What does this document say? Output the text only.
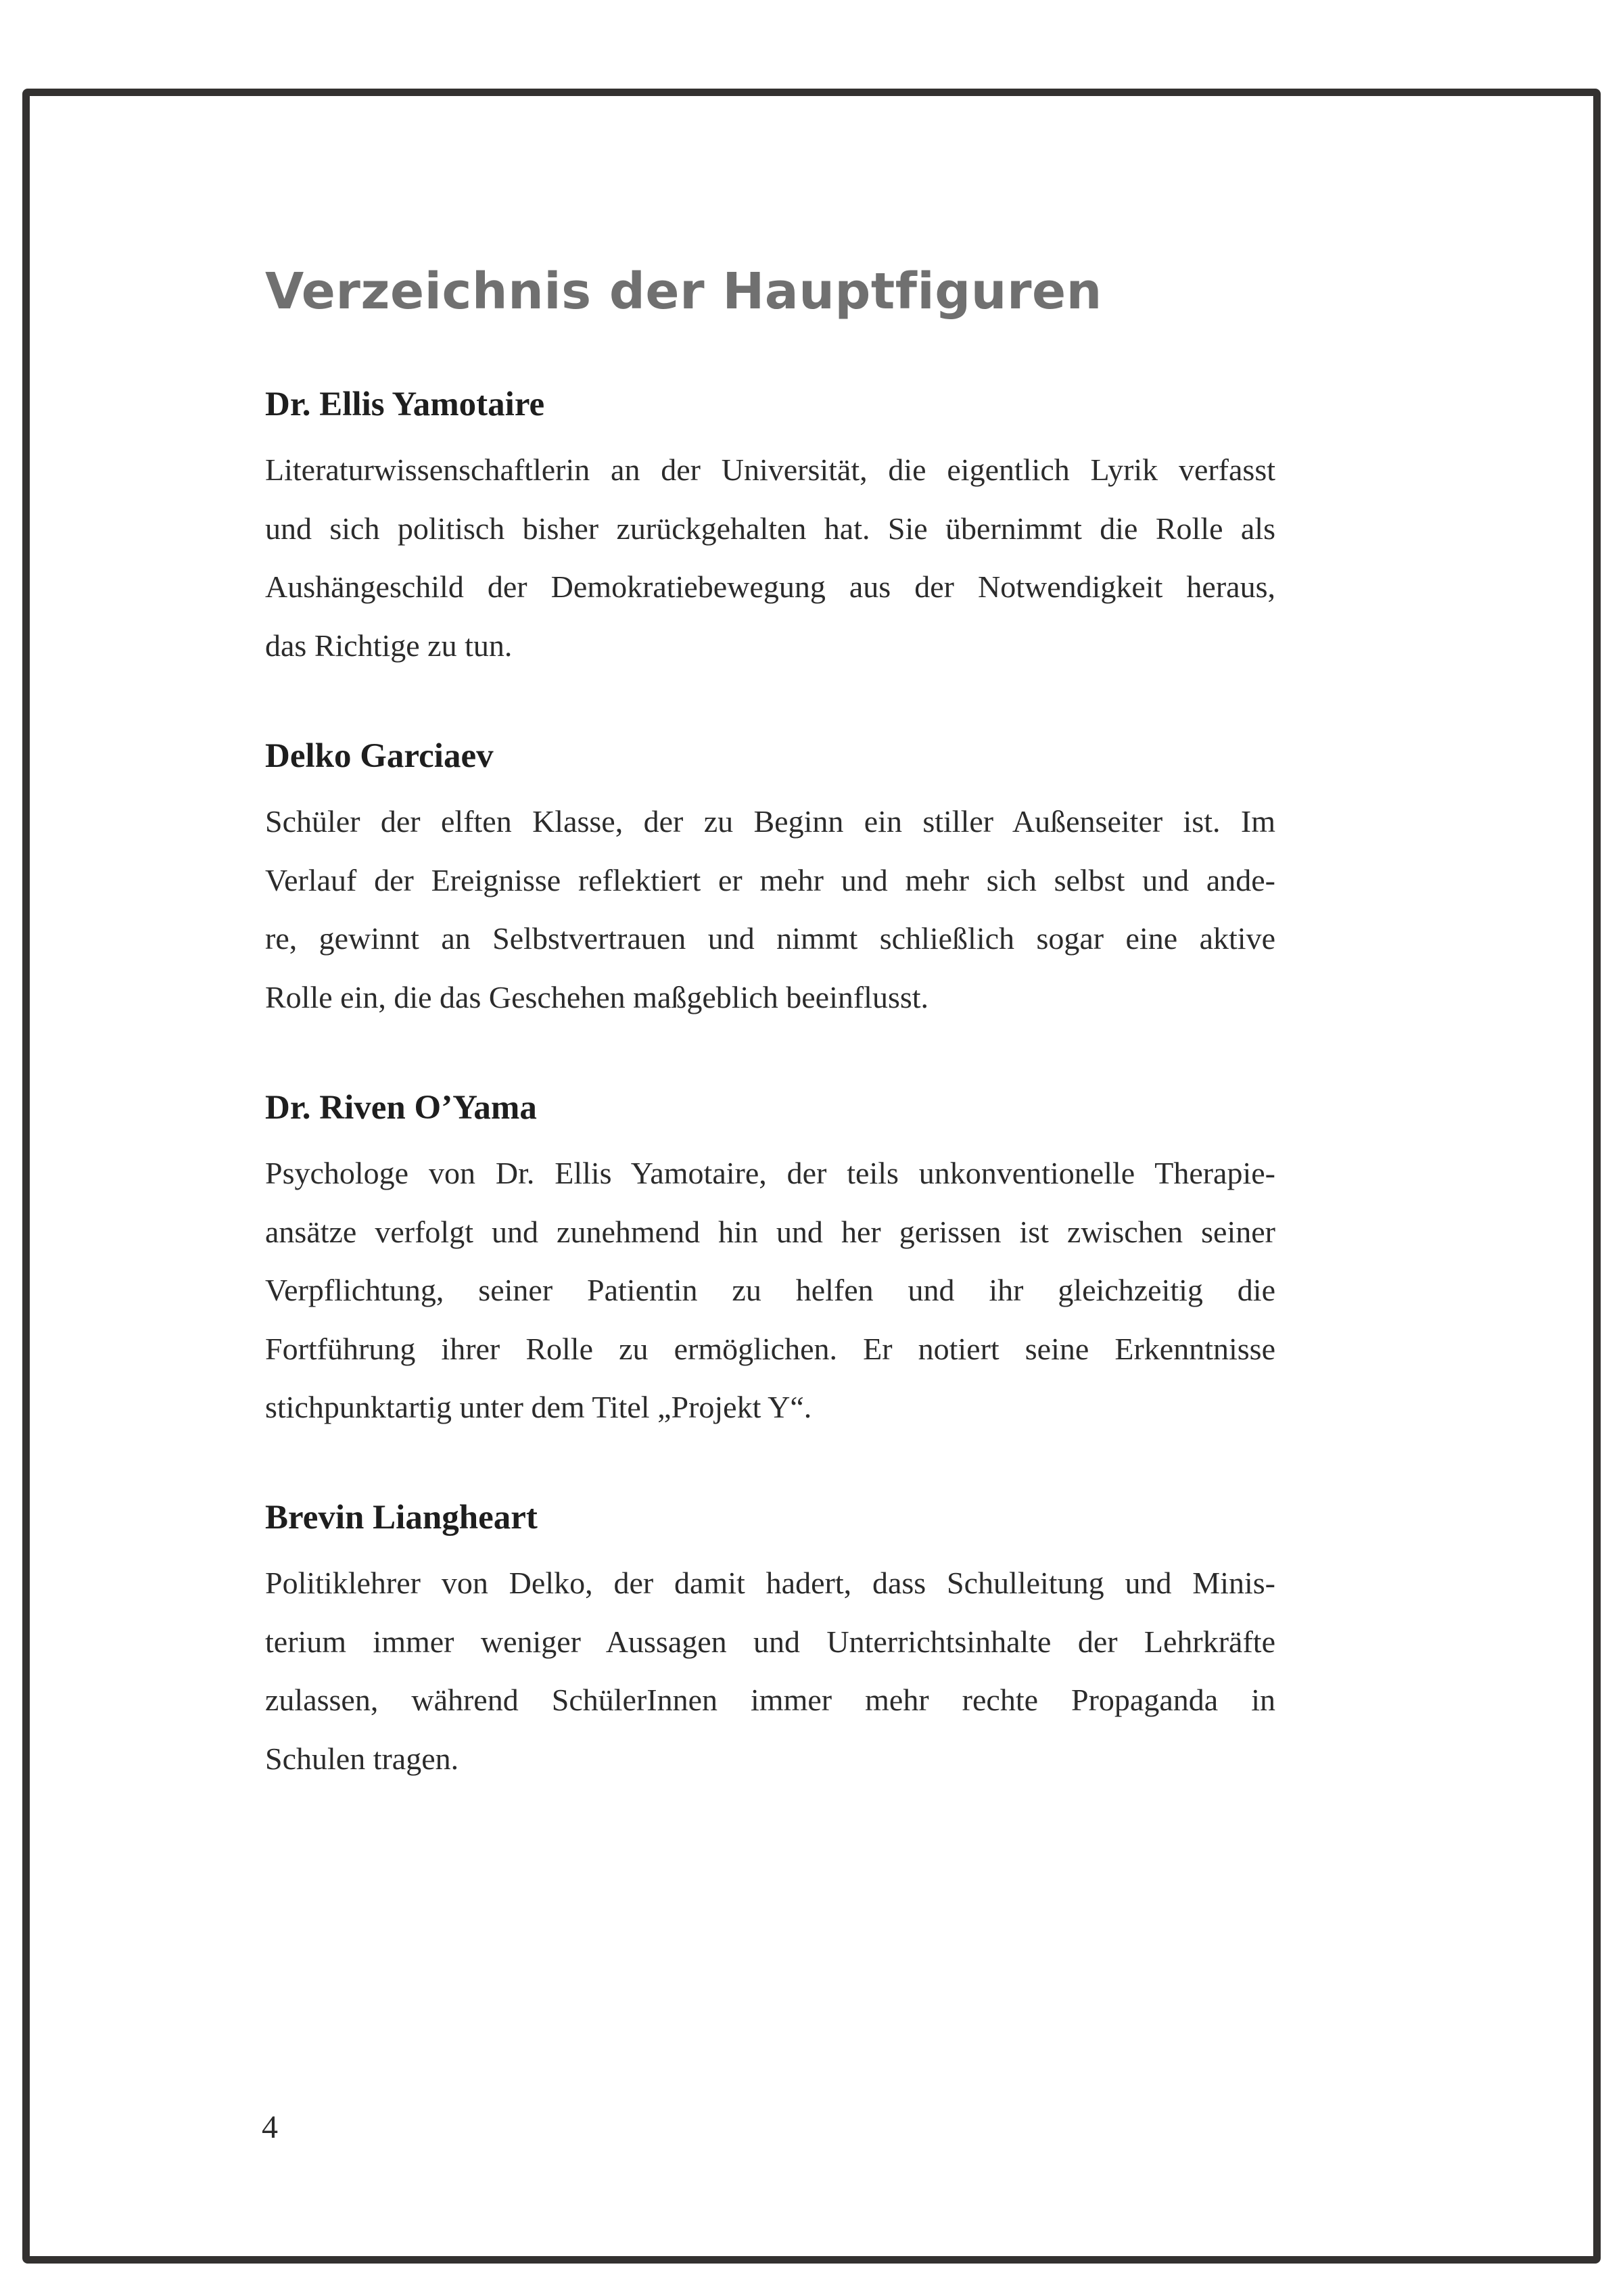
Verzeichnis der Hauptfiguren
Dr. Ellis Yamotaire
Literaturwissenschaftlerin an der Universität, die eigentlich Lyrik verfasst
und sich politisch bisher zurückgehalten hat. Sie übernimmt die Rolle als
Aushängeschild der Demokratiebewegung aus der Notwendigkeit heraus,
das Richtige zu tun.
Delko Garciaev
Schüler der elften Klasse, der zu Beginn ein stiller Außenseiter ist. Im
Verlauf der Ereignisse reflektiert er mehr und mehr sich selbst und ande-
re, gewinnt an Selbstvertrauen und nimmt schließlich sogar eine aktive
Rolle ein, die das Geschehen maßgeblich beeinflusst.
Dr. Riven O’Yama
Psychologe von Dr. Ellis Yamotaire, der teils unkonventionelle Therapie-
ansätze verfolgt und zunehmend hin und her gerissen ist zwischen seiner
Verpflichtung, seiner Patientin zu helfen und ihr gleichzeitig die
Fortführung ihrer Rolle zu ermöglichen. Er notiert seine Erkenntnisse
stichpunktartig unter dem Titel „Projekt Y“.
Brevin Liangheart
Politiklehrer von Delko, der damit hadert, dass Schulleitung und Minis-
terium immer weniger Aussagen und Unterrichtsinhalte der Lehrkräfte
zulassen, während SchülerInnen immer mehr rechte Propaganda in
Schulen tragen.
4
